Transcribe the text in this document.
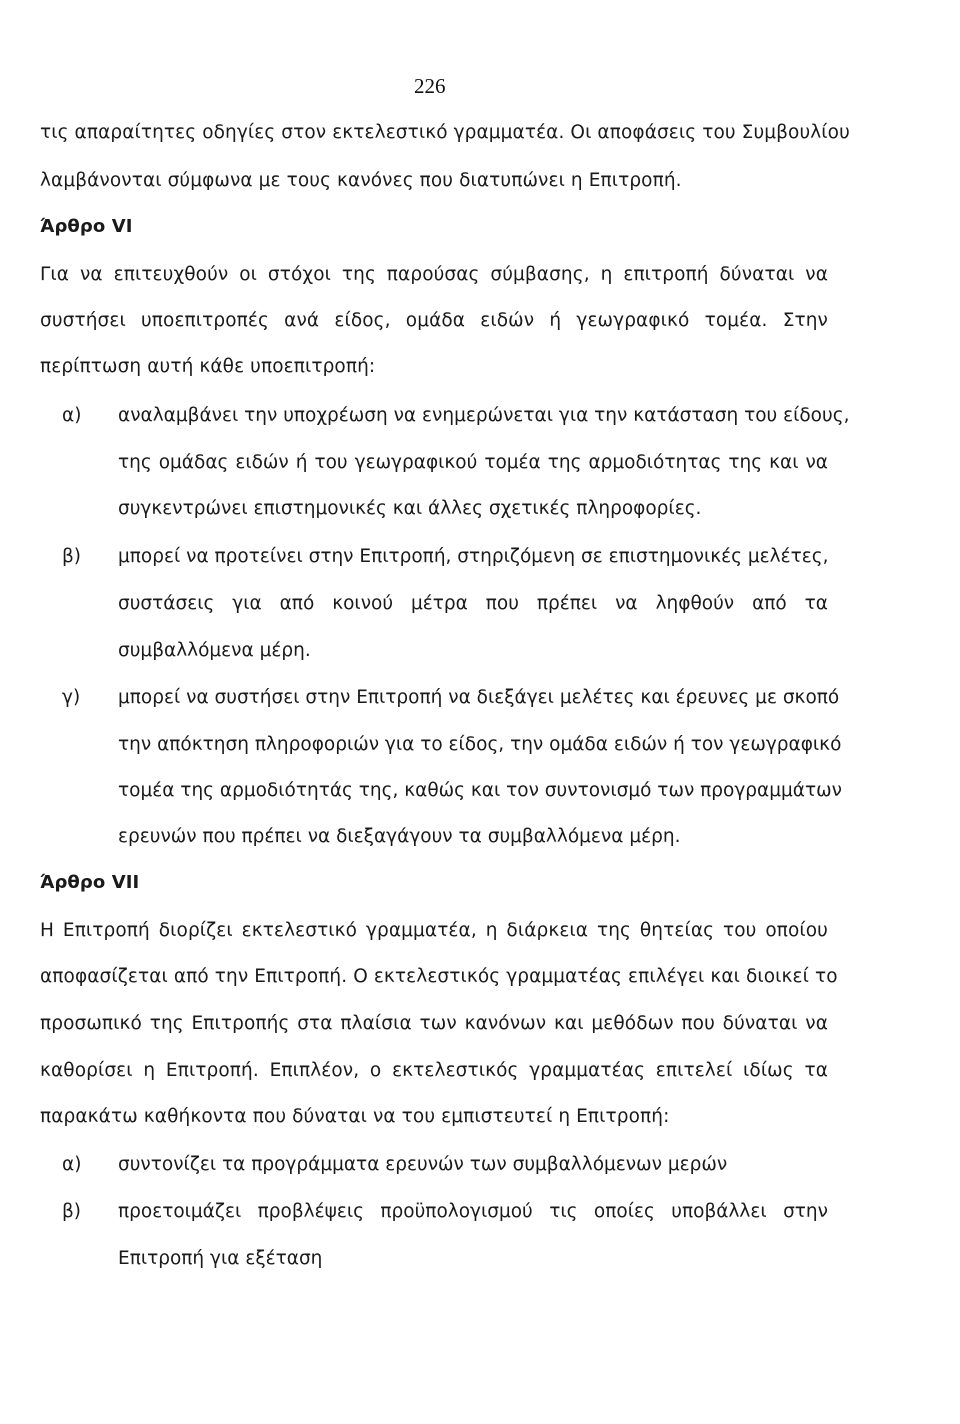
226
τις απαραίτητες οδηγίες στον εκτελεστικό γραμματέα. Οι αποφάσεις του Συμβουλίου
λαμβάνονται σύμφωνα με τους κανόνες που διατυπώνει η Επιτροπή.
Άρθρο VI
Για να επιτευχθούν οι στόχοι της παρούσας σύμβασης, η επιτροπή δύναται να
συστήσει υποεπιτροπές ανά είδος, ομάδα ειδών ή γεωγραφικό τομέα. Στην
περίπτωση αυτή κάθε υποεπιτροπή:
α) αναλαμβάνει την υποχρέωση να ενημερώνεται για την κατάσταση του είδους,
της ομάδας ειδών ή του γεωγραφικού τομέα της αρμοδιότητας της και να
συγκεντρώνει επιστημονικές και άλλες σχετικές πληροφορίες.
β) μπορεί να προτείνει στην Επιτροπή, στηριζόμενη σε επιστημονικές μελέτες,
συστάσεις για από κοινού μέτρα που πρέπει να ληφθούν από τα
συμβαλλόμενα μέρη.
γ) μπορεί να συστήσει στην Επιτροπή να διεξάγει μελέτες και έρευνες με σκοπό
την απόκτηση πληροφοριών για το είδος, την ομάδα ειδών ή τον γεωγραφικό
τομέα της αρμοδιότητάς της, καθώς και τον συντονισμό των προγραμμάτων
ερευνών που πρέπει να διεξαγάγουν τα συμβαλλόμενα μέρη.
Άρθρο VII
Η Επιτροπή διορίζει εκτελεστικό γραμματέα, η διάρκεια της θητείας του οποίου
αποφασίζεται από την Επιτροπή. Ο εκτελεστικός γραμματέας επιλέγει και διοικεί το
προσωπικό της Επιτροπής στα πλαίσια των κανόνων και μεθόδων που δύναται να
καθορίσει η Επιτροπή. Επιπλέον, ο εκτελεστικός γραμματέας επιτελεί ιδίως τα
παρακάτω καθήκοντα που δύναται να του εμπιστευτεί η Επιτροπή:
α) συντονίζει τα προγράμματα ερευνών των συμβαλλόμενων μερών
β) προετοιμάζει προβλέψεις προϋπολογισμού τις οποίες υποβάλλει στην
Επιτροπή για εξέταση
